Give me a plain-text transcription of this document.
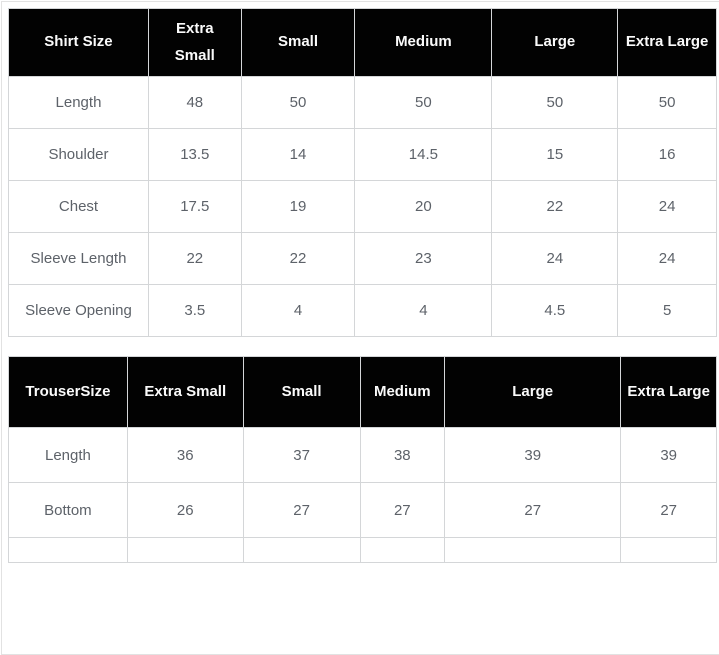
Shirt Size	Extra Small	Small	Medium	Large	Extra Large
Length	48	50	50	50	50
Shoulder	13.5	14	14.5	15	16
Chest	17.5	19	20	22	24
Sleeve Length	22	22	23	24	24
Sleeve Opening	3.5	4	4	4.5	5
TrouserSize	Extra Small	Small	Medium	Large	Extra Large
Length	36	37	38	39	39
Bottom	26	27	27	27	27
